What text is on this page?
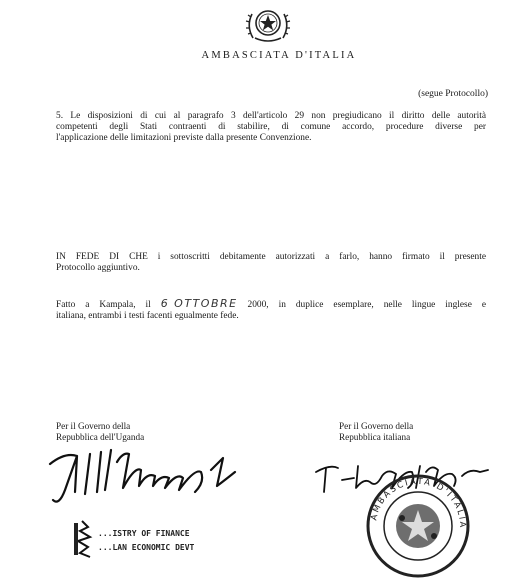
AMBASCIATA D'ITALIA
(segue Protocollo)
5. Le disposizioni di cui al paragrafo 3 dell'articolo 29 non pregiudicano il diritto delle autorità
competenti degli Stati contraenti di stabilire, di comune accordo, procedure diverse per
l'applicazione delle limitazioni previste dalla presente Convenzione.
IN FEDE DI CHE i sottoscritti debitamente autorizzati a farlo, hanno firmato il presente
Protocollo aggiuntivo.
Fatto a Kampala, il 6 OTTOBRE 2000, in duplice esemplare, nelle lingue inglese e
italiana, entrambi i testi facenti egualmente fede.
Per il Governo della
Repubblica dell'Uganda
Per il Governo della
Repubblica italiana
AMBASCIATA D'ITALIA
...ISTRY OF FINANCE
...LAN ECONOMIC DEVT
